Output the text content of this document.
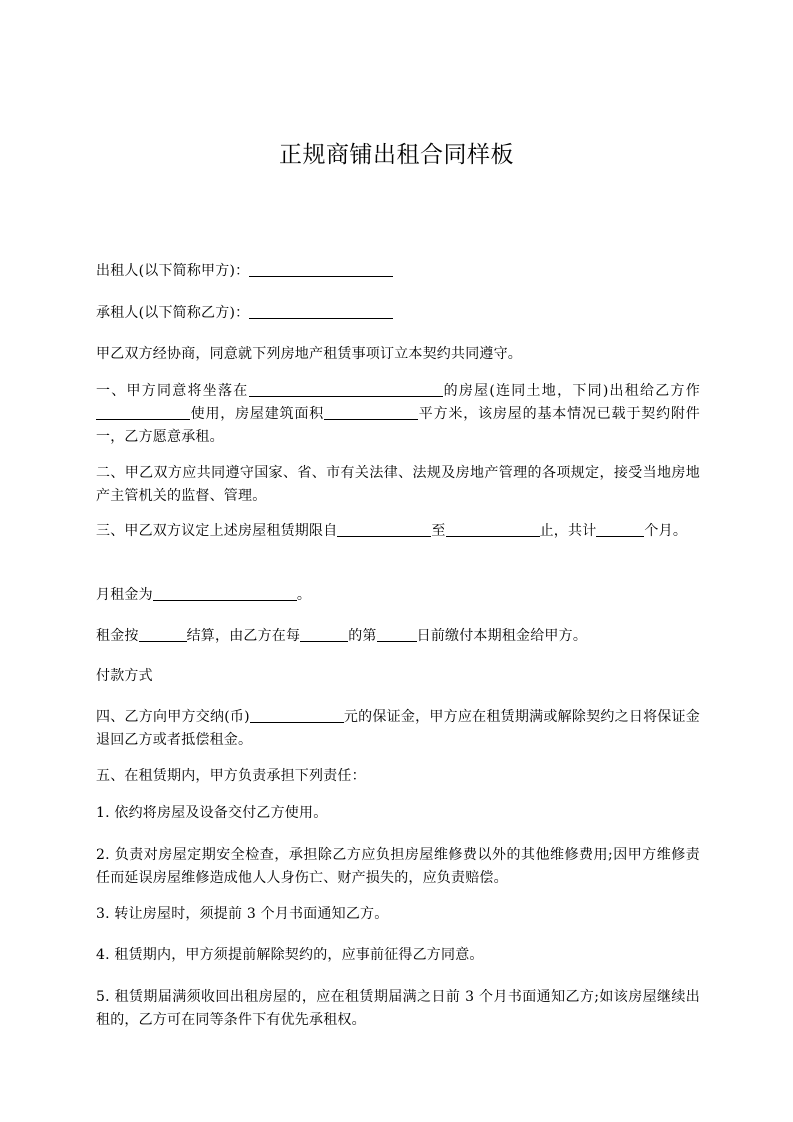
正规商铺出租合同样板
出租人(以下简称甲方)：
承租人(以下简称乙方)：
甲乙双方经协商，同意就下列房地产租赁事项订立本契约共同遵守。
一、甲方同意将坐落在	的房屋(连同土地，下同)出租给乙方作使用，房屋建筑面积	平方米，该房屋的基本情况已载于契约附件一，乙方愿意承租。
二、甲乙双方应共同遵守国家、省、市有关法律、法规及房地产管理的各项规定，接受当地房地产主管机关的监督、管理。
三、甲乙双方议定上述房屋租赁期限自	至	止，共计	个月。
月租金为	。
租金按	结算，由乙方在每	的第	日前缴付本期租金给甲方。
付款方式
四、乙方向甲方交纳(币)	元的保证金，甲方应在租赁期满或解除契约之日将保证金退回乙方或者抵偿租金。
五、在租赁期内，甲方负责承担下列责任：
1. 依约将房屋及设备交付乙方使用。
2. 负责对房屋定期安全检查，承担除乙方应负担房屋维修费以外的其他维修费用;因甲方维修责任而延误房屋维修造成他人人身伤亡、财产损失的，应负责赔偿。
3. 转让房屋时，须提前 3 个月书面通知乙方。
4. 租赁期内，甲方须提前解除契约的，应事前征得乙方同意。
5. 租赁期届满须收回出租房屋的，应在租赁期届满之日前 3 个月书面通知乙方;如该房屋继续出租的，乙方可在同等条件下有优先承租权。
